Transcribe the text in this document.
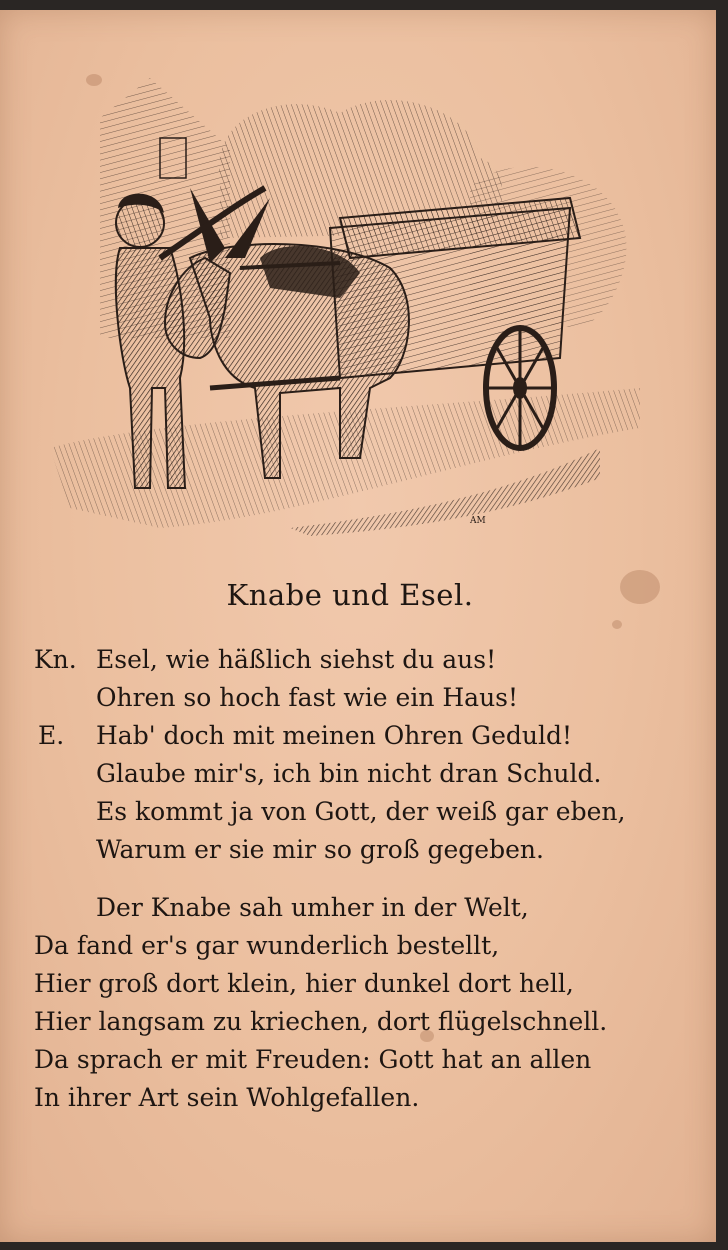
AM
Knabe und Esel.
Kn. Esel, wie häßlich siehst du aus!
Ohren so hoch fast wie ein Haus!
E. Hab' doch mit meinen Ohren Geduld!
Glaube mir's, ich bin nicht dran Schuld.
Es kommt ja von Gott, der weiß gar eben,
Warum er sie mir so groß gegeben.
Der Knabe sah umher in der Welt,
Da fand er's gar wunderlich bestellt,
Hier groß dort klein, hier dunkel dort hell,
Hier langsam zu kriechen, dort flügelschnell.
Da sprach er mit Freuden: Gott hat an allen
In ihrer Art sein Wohlgefallen.
